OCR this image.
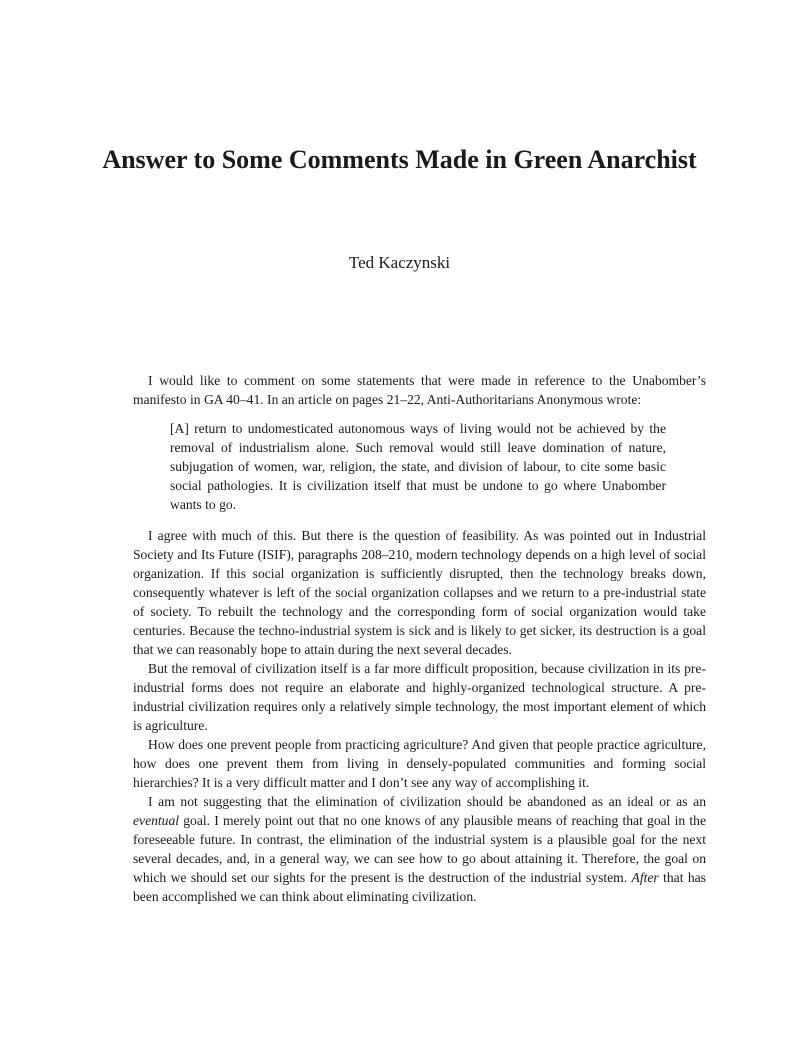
Answer to Some Comments Made in Green Anarchist
Ted Kaczynski

I would like to comment on some statements that were made in reference to the Unabomber’s manifesto in GA 40–41. In an article on pages 21–22, Anti-Authoritarians Anonymous wrote:

[A] return to undomesticated autonomous ways of living would not be achieved by the removal of industrialism alone. Such removal would still leave domination of nature, subjugation of women, war, religion, the state, and division of labour, to cite some basic social pathologies. It is civilization itself that must be undone to go where Unabomber wants to go.

I agree with much of this. But there is the question of feasibility. As was pointed out in Industrial Society and Its Future (ISIF), paragraphs 208–210, modern technology depends on a high level of social organization. If this social organization is sufficiently disrupted, then the technology breaks down, consequently whatever is left of the social organization collapses and we return to a pre-industrial state of society. To rebuilt the technology and the corresponding form of social organization would take centuries. Because the techno-industrial system is sick and is likely to get sicker, its destruction is a goal that we can reasonably hope to attain during the next several decades.

But the removal of civilization itself is a far more difficult proposition, because civilization in its pre-industrial forms does not require an elaborate and highly-organized technological structure. A pre-industrial civilization requires only a relatively simple technology, the most important element of which is agriculture.

How does one prevent people from practicing agriculture? And given that people practice agriculture, how does one prevent them from living in densely-populated communities and forming social hierarchies? It is a very difficult matter and I don’t see any way of accomplishing it.

I am not suggesting that the elimination of civilization should be abandoned as an ideal or as an eventual goal. I merely point out that no one knows of any plausible means of reaching that goal in the foreseeable future. In contrast, the elimination of the industrial system is a plausible goal for the next several decades, and, in a general way, we can see how to go about attaining it. Therefore, the goal on which we should set our sights for the present is the destruction of the industrial system. After that has been accomplished we can think about eliminating civilization.
